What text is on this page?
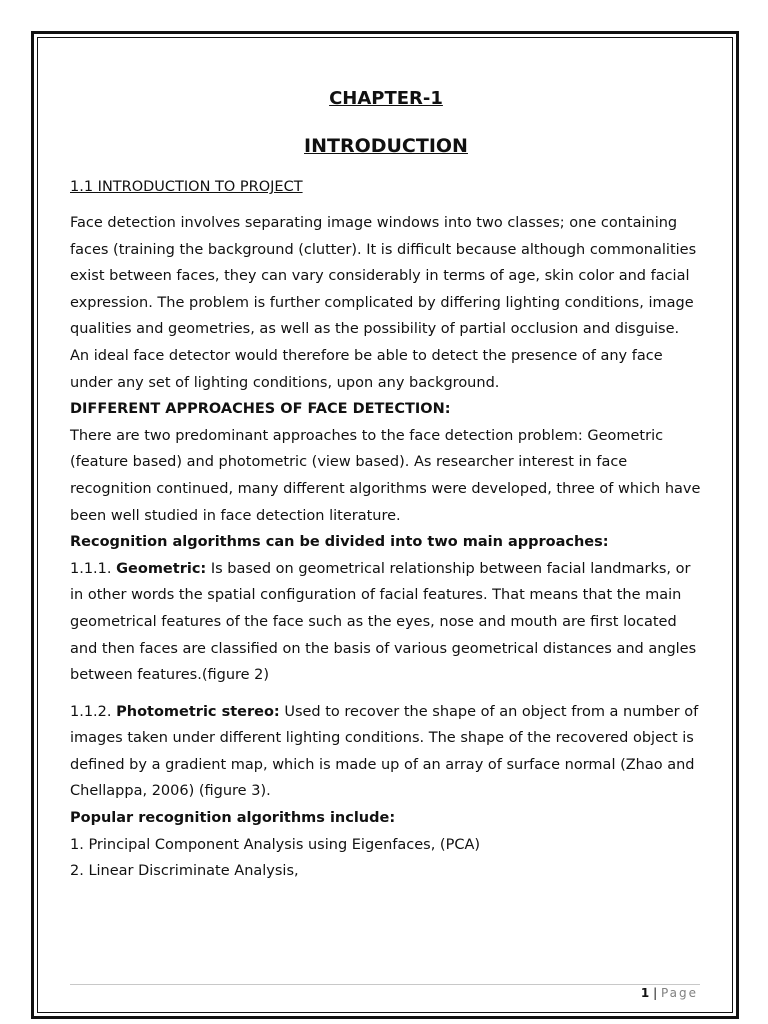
CHAPTER-1
INTRODUCTION
1.1 INTRODUCTION TO PROJECT

Face detection involves separating image windows into two classes; one containing faces (training the background (clutter). It is difficult because although commonalities exist between faces, they can vary considerably in terms of age, skin color and facial expression. The problem is further complicated by differing lighting conditions, image qualities and geometries, as well as the possibility of partial occlusion and disguise. An ideal face detector would therefore be able to detect the presence of any face under any set of lighting conditions, upon any background.

DIFFERENT APPROACHES OF FACE DETECTION:

There are two predominant approaches to the face detection problem: Geometric (feature based) and photometric (view based). As researcher interest in face recognition continued, many different algorithms were developed, three of which have been well studied in face detection literature.

Recognition algorithms can be divided into two main approaches:

1.1.1. Geometric: Is based on geometrical relationship between facial landmarks, or in other words the spatial configuration of facial features. That means that the main geometrical features of the face such as the eyes, nose and mouth are first located and then faces are classified on the basis of various geometrical distances and angles between features.(figure 2)

1.1.2. Photometric stereo: Used to recover the shape of an object from a number of images taken under different lighting conditions. The shape of the recovered object is defined by a gradient map, which is made up of an array of surface normal (Zhao and Chellappa, 2006) (figure 3).

Popular recognition algorithms include:
1. Principal Component Analysis using Eigenfaces, (PCA)
2. Linear Discriminate Analysis,
1 | Page
